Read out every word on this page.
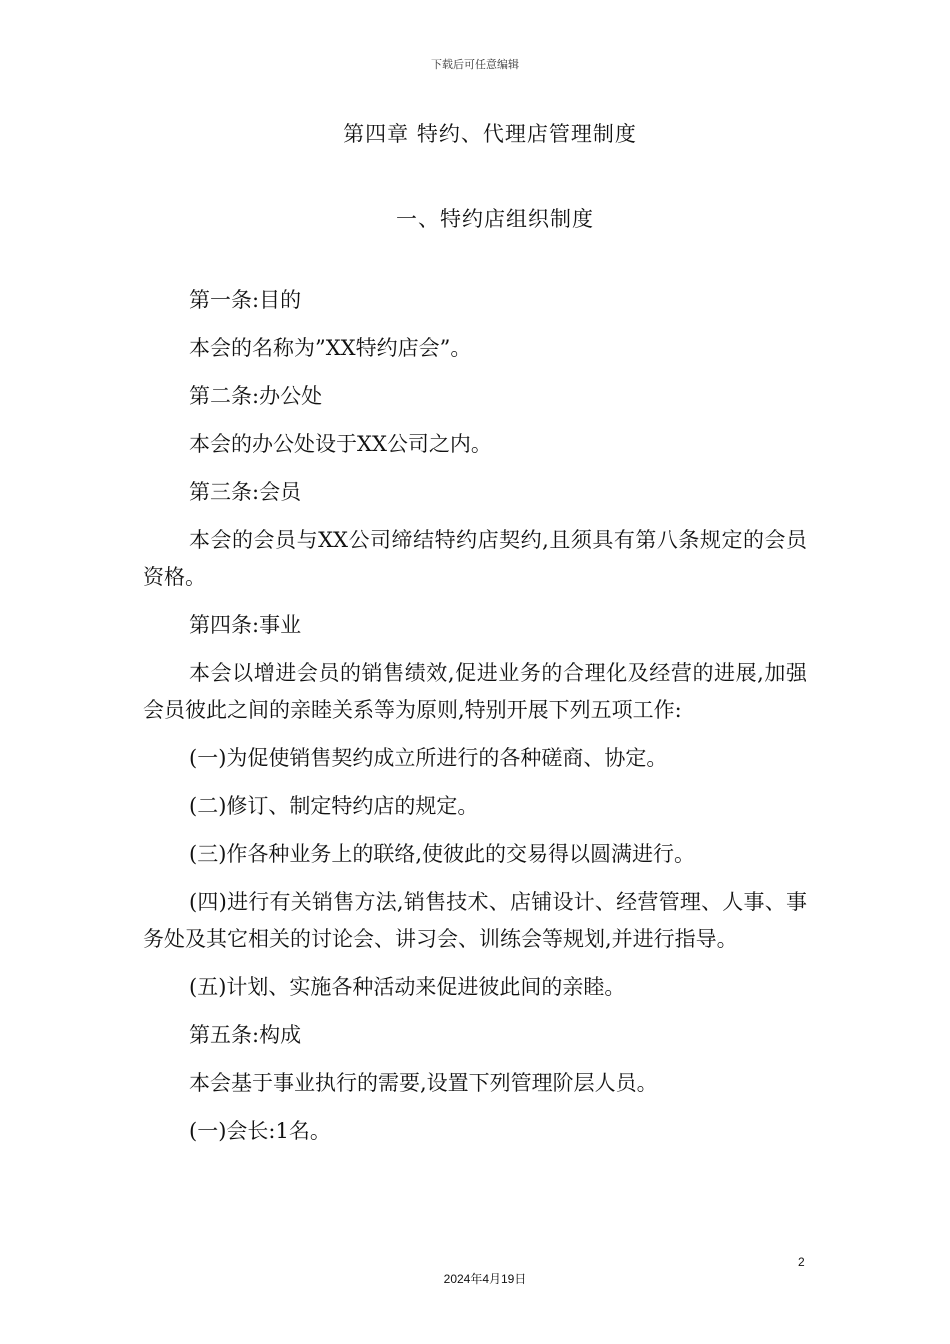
下载后可任意编辑
第四章 特约、代理店管理制度
一、特约店组织制度

第一条:目的

本会的名称为”XX特约店会”。

第二条:办公处

本会的办公处设于XX公司之内。

第三条:会员

本会的会员与XX公司缔结特约店契约,且须具有第八条规定的会员资格。

第四条:事业

本会以增进会员的销售绩效,促进业务的合理化及经营的进展,加强会员彼此之间的亲睦关系等为原则,特别开展下列五项工作:

(一)为促使销售契约成立所进行的各种磋商、协定。

(二)修订、制定特约店的规定。

(三)作各种业务上的联络,使彼此的交易得以圆满进行。

(四)进行有关销售方法,销售技术、店铺设计、经营管理、人事、事务处及其它相关的讨论会、讲习会、训练会等规划,并进行指导。

(五)计划、实施各种活动来促进彼此间的亲睦。

第五条:构成

本会基于事业执行的需要,设置下列管理阶层人员。

(一)会长:1名。

2
2024年4月19日
